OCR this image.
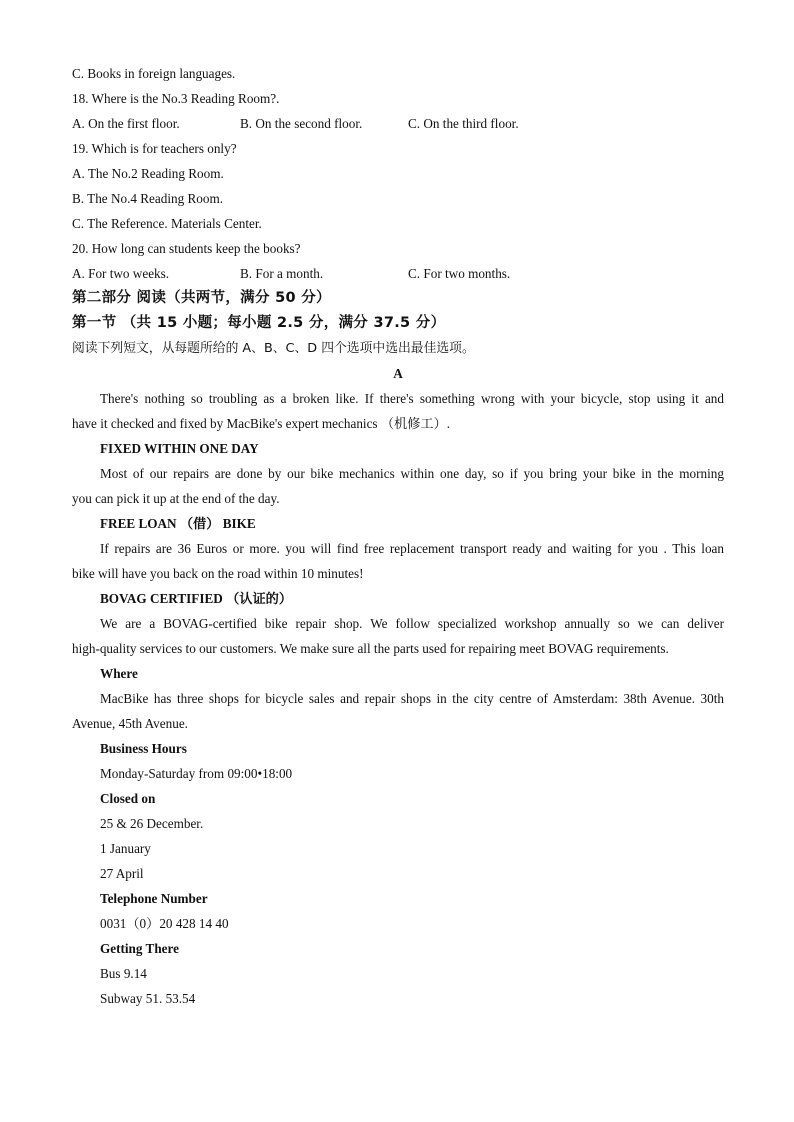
C. Books in foreign languages.
18. Where is the No.3 Reading Room?.
A. On the first floor.	B. On the second floor.	C. On the third floor.
19. Which is for teachers only?
A. The No.2 Reading Room.
B. The No.4 Reading Room.
C. The Reference. Materials Center.
20. How long can students keep the books?
A. For two weeks.	B. For a month.	C. For two months.
第二部分 阅读（共两节，满分 50 分）
第一节 （共 15 小题；每小题 2.5 分，满分 37.5 分）
阅读下列短文，从每题所给的 A、B、C、D 四个选项中选出最佳选项。
A
There's nothing so troubling as a broken like. If there's something wrong with your bicycle, stop using it and
have it checked and fixed by MacBike's expert mechanics （机修工）.
FIXED WITHIN ONE DAY
Most of our repairs are done by our bike mechanics within one day, so if you bring your bike in the morning
you can pick it up at the end of the day.
FREE LOAN （借） BIKE
If repairs are 36 Euros or more. you will find free replacement transport ready and waiting for you . This loan
bike will have you back on the road within 10 minutes!
BOVAG CERTIFIED （认证的）
We are a BOVAG-certified bike repair shop. We follow specialized workshop annually so we can deliver
high-quality services to our customers. We make sure all the parts used for repairing meet BOVAG requirements.
Where
MacBike has three shops for bicycle sales and repair shops in the city centre of Amsterdam: 38th Avenue. 30th
Avenue, 45th Avenue.
Business Hours
Monday-Saturday from 09:00•18:00
Closed on
25 & 26 December.
1 January
27 April
Telephone Number
0031（0）20 428 14 40
Getting There
Bus 9.14
Subway 51. 53.54
